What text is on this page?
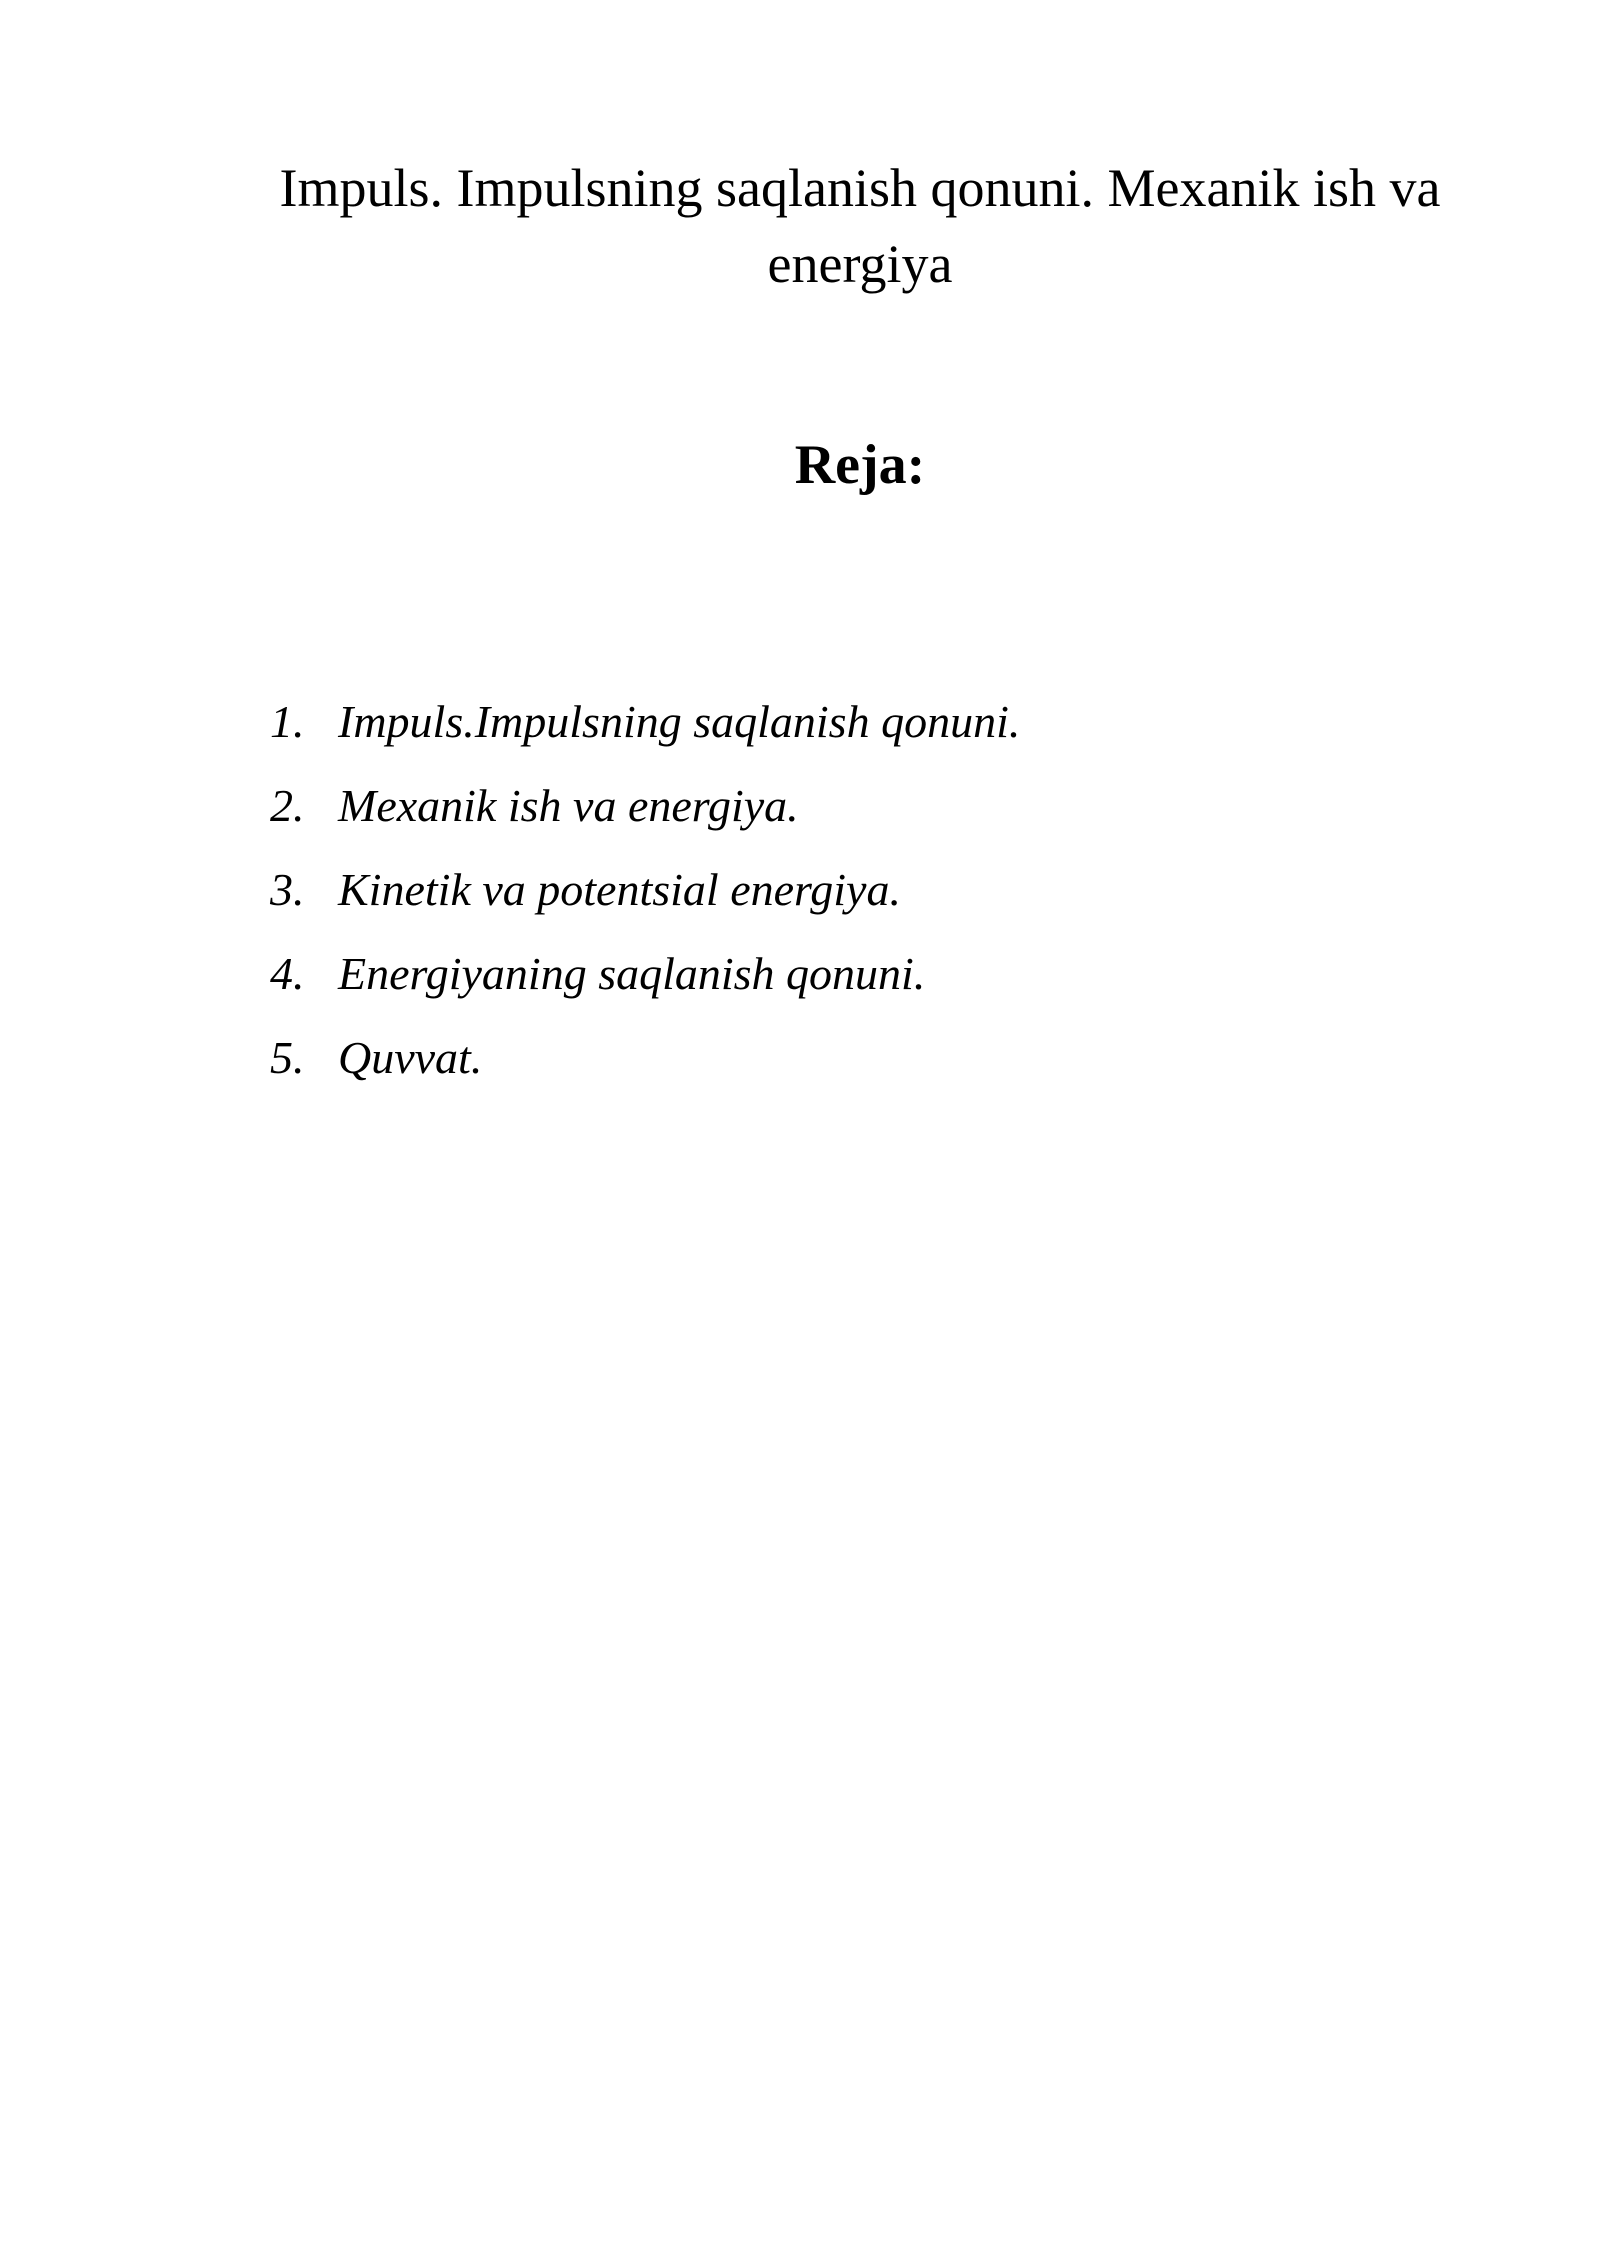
Impuls. Impulsning saqlanish qonuni. Mexanik ish va energiya
Reja:
1. Impuls.Impulsning saqlanish qonuni.
2. Mexanik ish va energiya.
3. Kinetik va potentsial energiya.
4. Energiyaning saqlanish qonuni.
5. Quvvat.
